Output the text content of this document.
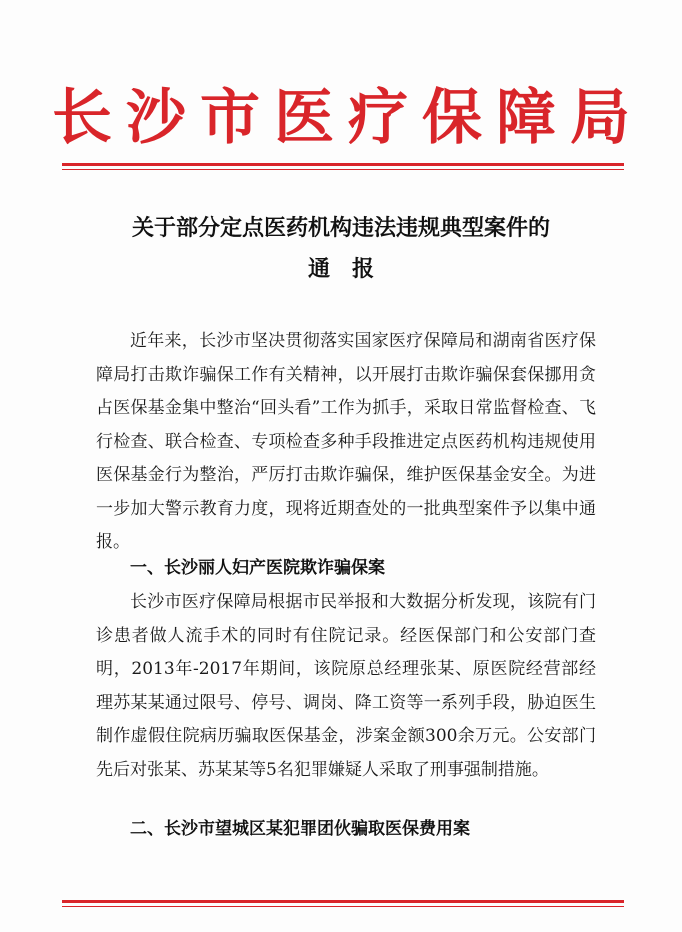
长沙市医疗保障局
关于部分定点医药机构违法违规典型案件的
通　报
近年来，长沙市坚决贯彻落实国家医疗保障局和湖南省医疗保障局打击欺诈骗保工作有关精神，以开展打击欺诈骗保套保挪用贪占医保基金集中整治“回头看”工作为抓手，采取日常监督检查、飞行检查、联合检查、专项检查多种手段推进定点医药机构违规使用医保基金行为整治，严厉打击欺诈骗保，维护医保基金安全。为进一步加大警示教育力度，现将近期查处的一批典型案件予以集中通报。
一、长沙丽人妇产医院欺诈骗保案
长沙市医疗保障局根据市民举报和大数据分析发现，该院有门诊患者做人流手术的同时有住院记录。经医保部门和公安部门查明，2013年-2017年期间，该院原总经理张某、原医院经营部经理苏某某通过限号、停号、调岗、降工资等一系列手段，胁迫医生制作虚假住院病历骗取医保基金，涉案金额300余万元。公安部门先后对张某、苏某某等5名犯罪嫌疑人采取了刑事强制措施。
二、长沙市望城区某犯罪团伙骗取医保费用案
